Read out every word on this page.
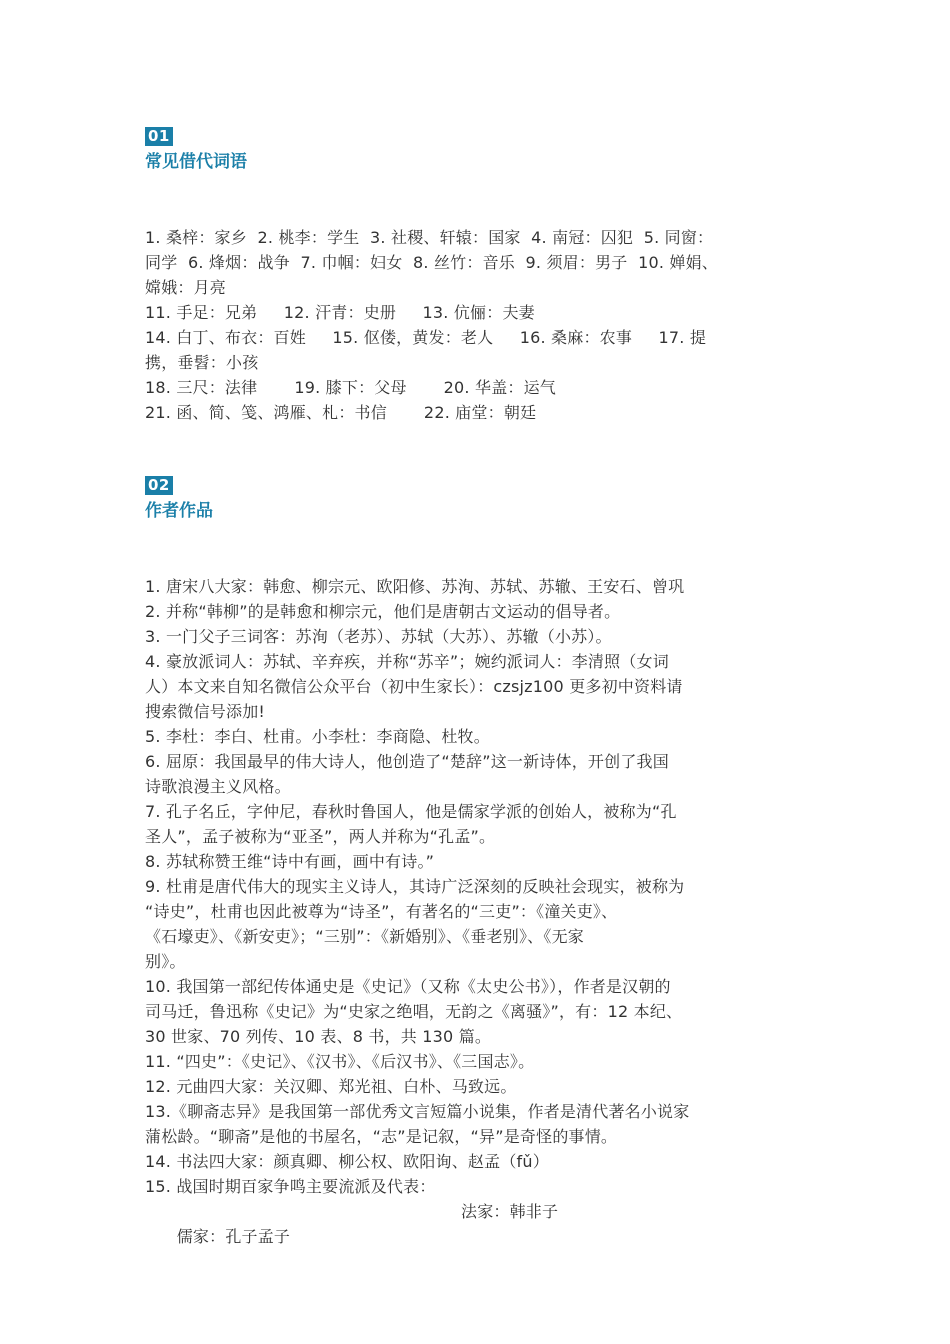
01
常见借代词语
1. 桑梓：家乡  2. 桃李：学生  3. 社稷、轩辕：国家  4. 南冠：囚犯  5. 同窗：
同学  6. 烽烟：战争  7. 巾帼：妇女  8. 丝竹：音乐  9. 须眉：男子  10. 婵娟、
嫦娥：月亮
11. 手足：兄弟     12. 汗青：史册     13. 伉俪：夫妻
14. 白丁、布衣：百姓     15. 伛偻，黄发：老人     16. 桑麻：农事     17. 提
携，垂髫：小孩
18. 三尺：法律       19. 膝下：父母       20. 华盖：运气
21. 函、简、笺、鸿雁、札：书信       22. 庙堂：朝廷
02
作者作品
1. 唐宋八大家：韩愈、柳宗元、欧阳修、苏洵、苏轼、苏辙、王安石、曾巩
2. 并称“韩柳”的是韩愈和柳宗元，他们是唐朝古文运动的倡导者。
3. 一门父子三词客：苏洵（老苏）、苏轼（大苏）、苏辙（小苏）。
4. 豪放派词人：苏轼、辛弃疾，并称“苏辛”；婉约派词人：李清照（女词
人）本文来自知名微信公众平台（初中生家长）：czsjz100 更多初中资料请
搜索微信号添加!
5. 李杜：李白、杜甫。小李杜：李商隐、杜牧。
6. 屈原：我国最早的伟大诗人，他创造了“楚辞”这一新诗体，开创了我国
诗歌浪漫主义风格。
7. 孔子名丘，字仲尼，春秋时鲁国人，他是儒家学派的创始人，被称为“孔
圣人”，孟子被称为“亚圣”，两人并称为“孔孟”。
8. 苏轼称赞王维“诗中有画，画中有诗。”
9. 杜甫是唐代伟大的现实主义诗人，其诗广泛深刻的反映社会现实，被称为
“诗史”，杜甫也因此被尊为“诗圣”，有著名的“三吏”：《潼关吏》、
《石壕吏》、《新安吏》；“三别”：《新婚别》、《垂老别》、《无家
别》。
10. 我国第一部纪传体通史是《史记》（又称《太史公书》），作者是汉朝的
司马迁，鲁迅称《史记》为“史家之绝唱，无韵之《离骚》”，有：12 本纪、
30 世家、70 列传、10 表、8 书，共 130 篇。
11. “四史”：《史记》、《汉书》、《后汉书》、《三国志》。
12. 元曲四大家：关汉卿、郑光祖、白朴、马致远。
13.《聊斋志异》是我国第一部优秀文言短篇小说集，作者是清代著名小说家
蒲松龄。“聊斋”是他的书屋名，“志”是记叙，“异”是奇怪的事情。
14. 书法四大家：颜真卿、柳公权、欧阳询、赵孟（fǔ）
15. 战国时期百家争鸣主要流派及代表：

儒家：孔子孟子

法家：韩非子
